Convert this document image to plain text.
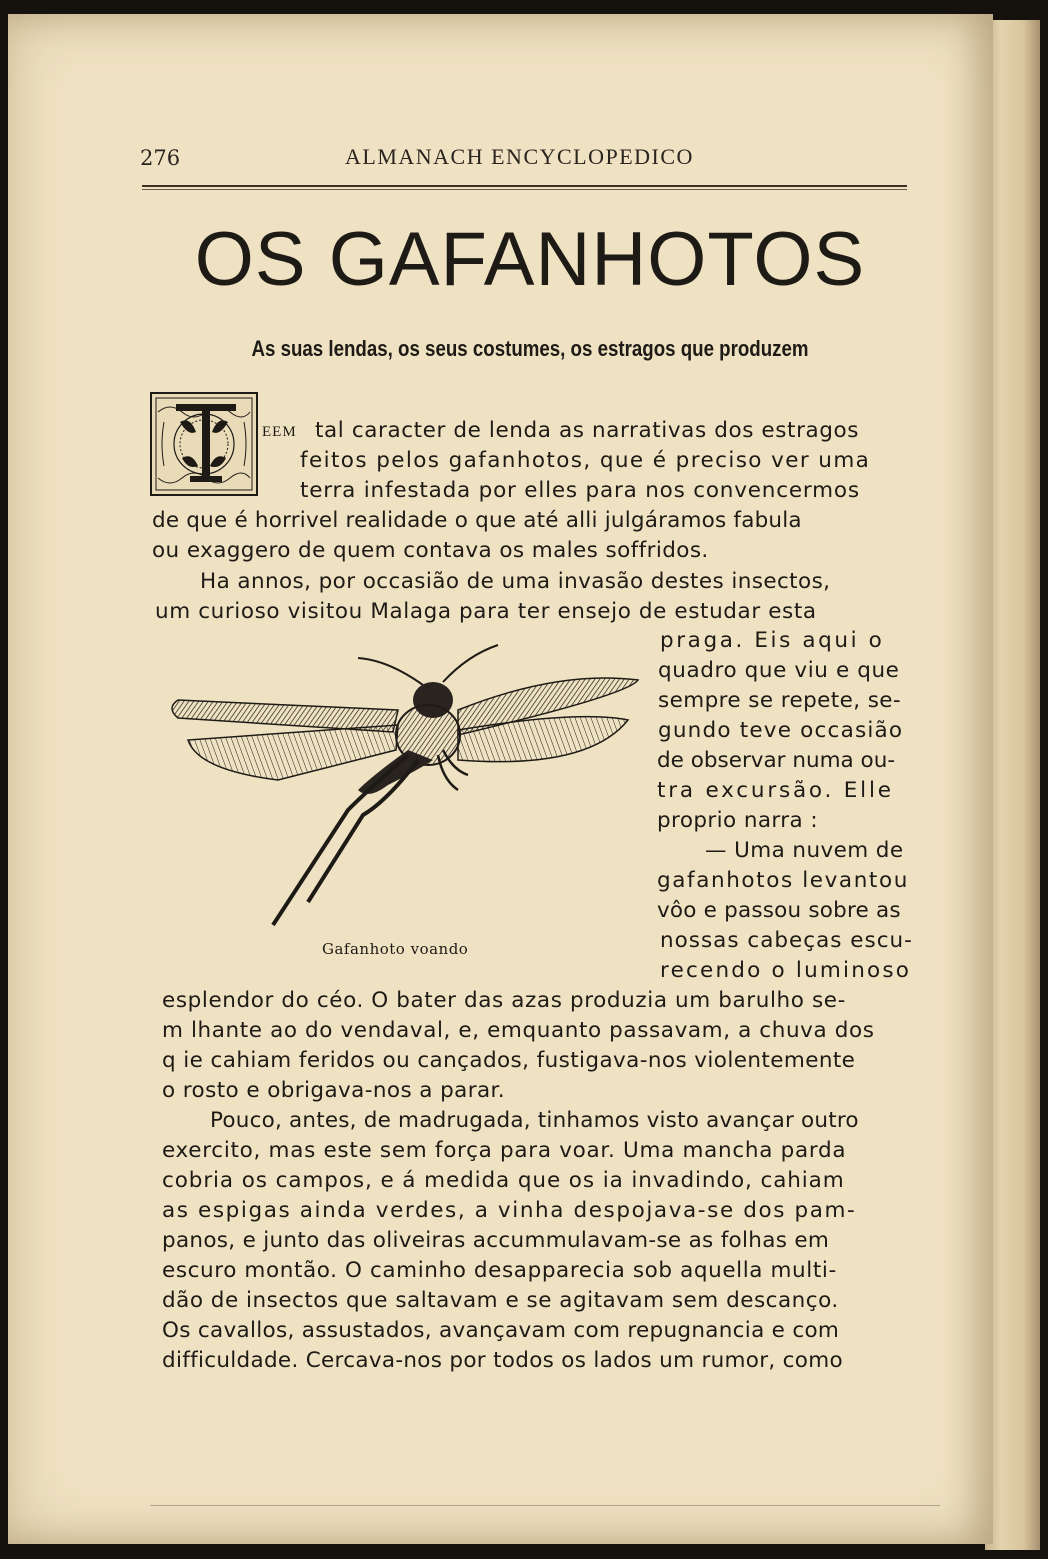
276	ALMANACH ENCYCLOPEDICO
OS GAFANHOTOS
As suas lendas, os seus costumes, os estragos que produzem
EEM tal caracter de lenda as narrativas dos estragos
feitos pelos gafanhotos, que é preciso ver uma
terra infestada por elles para nos convencermos
de que é horrivel realidade o que até alli julgáramos fabula
ou exaggero de quem contava os males soffridos.
Ha annos, por occasião de uma invasão destes insectos,
um curioso visitou Malaga para ter ensejo de estudar esta
praga. Eis aqui o
quadro que viu e que
sempre se repete, se-
gundo teve occasião
de observar numa ou-
tra excursão. Elle
proprio narra :
— Uma nuvem de
gafanhotos levantou
vôo e passou sobre as
nossas cabeças escu-
recendo o luminoso
esplendor do céo. O bater das azas produzia um barulho se-
m lhante ao do vendaval, e, emquanto passavam, a chuva dos
q ie cahiam feridos ou cançados, fustigava-nos violentemente
o rosto e obrigava-nos a parar.
Pouco, antes, de madrugada, tinhamos visto avançar outro
exercito, mas este sem força para voar. Uma mancha parda
cobria os campos, e á medida que os ia invadindo, cahiam
as espigas ainda verdes, a vinha despojava-se dos pam-
panos, e junto das oliveiras accummulavam-se as folhas em
escuro montão. O caminho desapparecia sob aquella multi-
dão de insectos que saltavam e se agitavam sem descanço.
Os cavallos, assustados, avançavam com repugnancia e com
difficuldade. Cercava-nos por todos os lados um rumor, como
Gafanhoto voando
